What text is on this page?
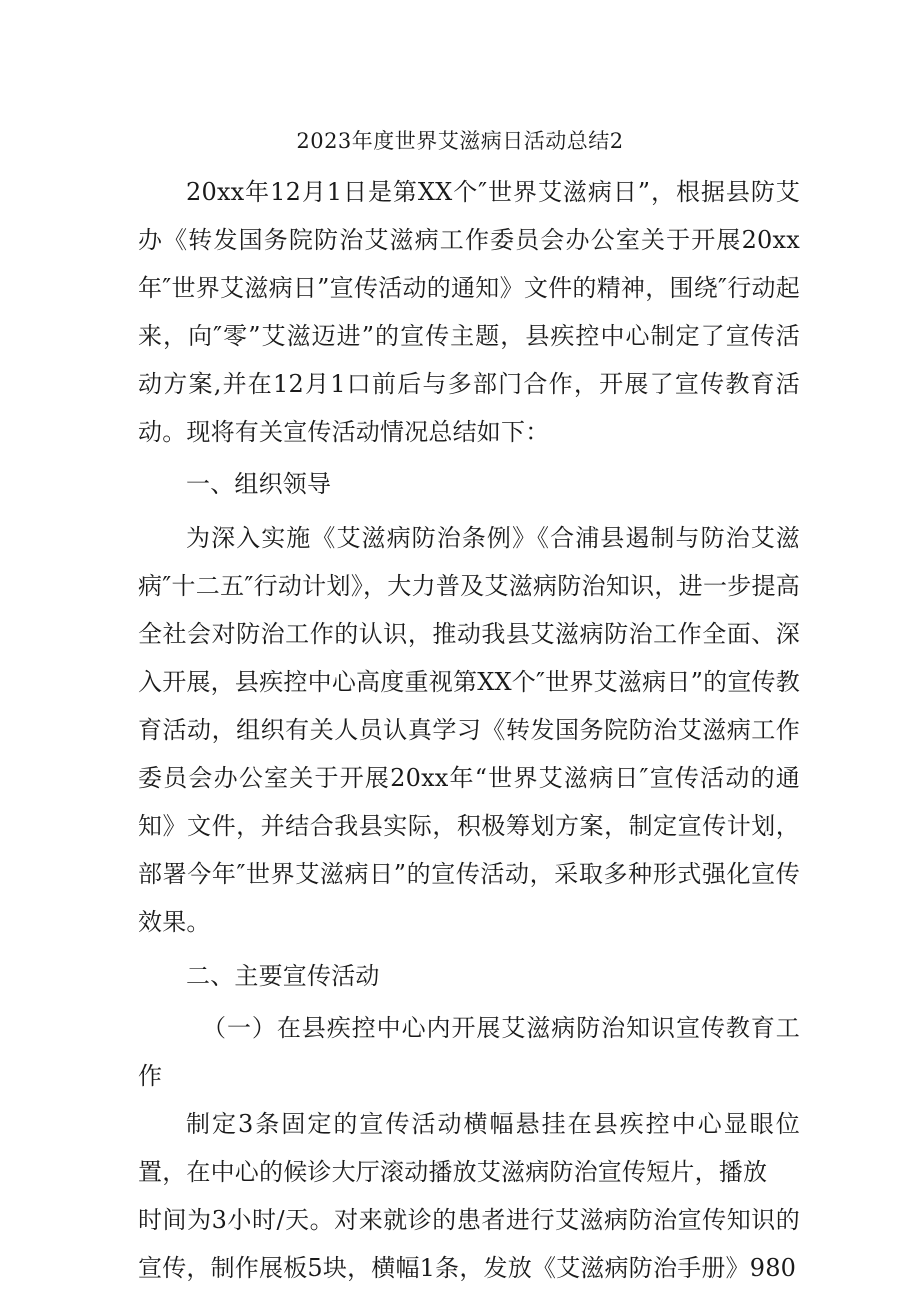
2023年度世界艾滋病日活动总结2

20xx年12月1日是第XX个″世界艾滋病日”，根据县防艾办《转发国务院防治艾滋病工作委员会办公室关于开展20xx年″世界艾滋病日”宣传活动的通知》文件的精神，围绕″行动起来，向″零”艾滋迈进”的宣传主题，县疾控中心制定了宣传活动方案,并在12月1口前后与多部门合作，开展了宣传教育活动。现将有关宣传活动情况总结如下：

一、组织领导

为深入实施《艾滋病防治条例》《合浦县遏制与防治艾滋病″十二五″行动计划》，大力普及艾滋病防治知识，进一步提高全社会对防治工作的认识，推动我县艾滋病防治工作全面、深入开展，县疾控中心高度重视第XX个″世界艾滋病日”的宣传教育活动，组织有关人员认真学习《转发国务院防治艾滋病工作委员会办公室关于开展20xx年“世界艾滋病日″宣传活动的通知》文件，并结合我县实际，积极筹划方案，制定宣传计划，部署今年″世界艾滋病日”的宣传活动，采取多种形式强化宣传效果。

二、主要宣传活动

（一）在县疾控中心内开展艾滋病防治知识宣传教育工作

制定3条固定的宣传活动横幅悬挂在县疾控中心显眼位置，在中心的候诊大厅滚动播放艾滋病防治宣传短片，播放

时间为3小时/天。对来就诊的患者进行艾滋病防治宣传知识的宣传，制作展板5块，横幅1条，发放《艾滋病防治手册》980
